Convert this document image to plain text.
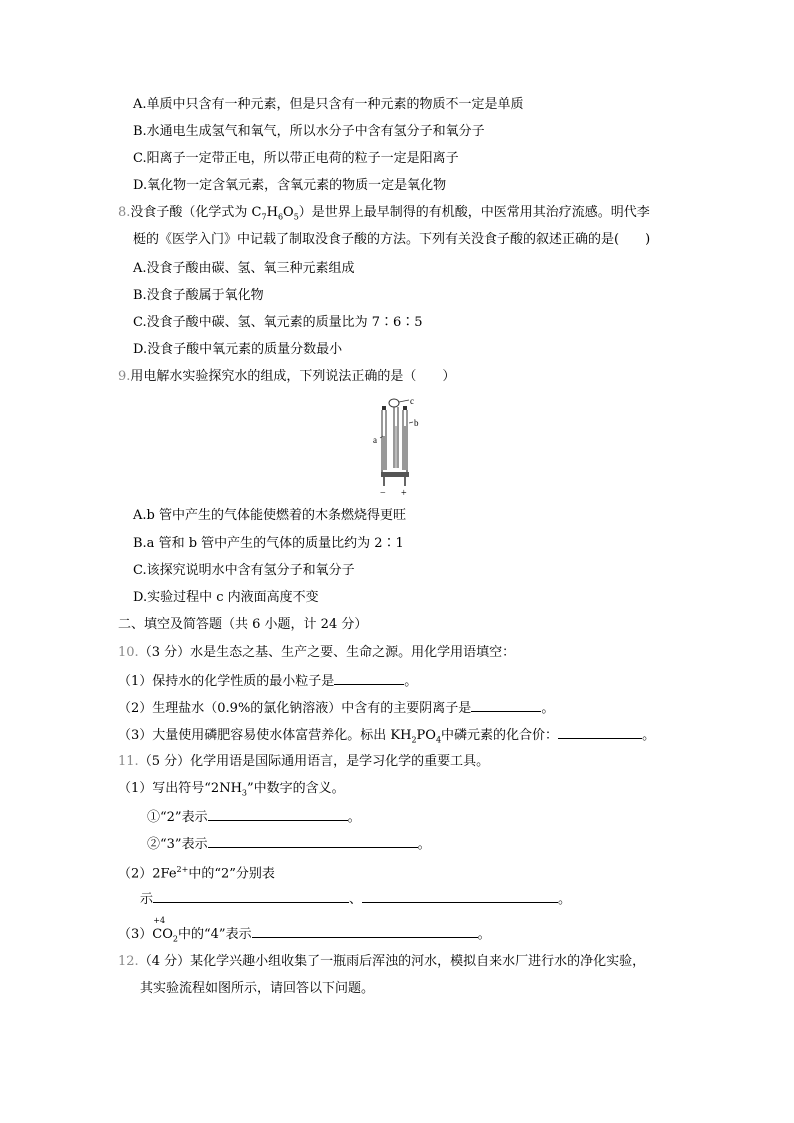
A.单质中只含有一种元素，但是只含有一种元素的物质不一定是单质
B.水通电生成氢气和氧气，所以水分子中含有氢分子和氧分子
C.阳离子一定带正电，所以带正电荷的粒子一定是阳离子
D.氧化物一定含氧元素，含氧元素的物质一定是氧化物
8.没食子酸（化学式为 $C_7H_6O_5$）是世界上最早制得的有机酸，中医常用其治疗流感。明代李
梃的《医学入门》中记载了制取没食子酸的方法。下列有关没食子酸的叙述正确的是(　　)
A.没食子酸由碳、氢、氧三种元素组成
B.没食子酸属于氧化物
C.没食子酸中碳、氢、氧元素的质量比为 7∶6∶5
D.没食子酸中氧元素的质量分数最小
9.用电解水实验探究水的组成，下列说法正确的是（　　）
c
a
b
− +
A.b 管中产生的气体能使燃着的木条燃烧得更旺
B.a 管和 b 管中产生的气体的质量比约为 2∶1
C.该探究说明水中含有氢分子和氧分子
D.实验过程中 c 内液面高度不变
二、填空及简答题（共 6 小题，计 24 分）
10.（3 分）水是生态之基、生产之要、生命之源。用化学用语填空：
（1）保持水的化学性质的最小粒子是	。
（2）生理盐水（0.9%的氯化钠溶液）中含有的主要阴离子是	。
（3）大量使用磷肥容易使水体富营养化。标出 $KH_2PO_4$中磷元素的化合价：	。
11.（5 分）化学用语是国际通用语言，是学习化学的重要工具。
（1）写出符号“$2NH_3$”中数字的含义。
①“2”表示	。
②“3”表示	。
$(2)2Fe^{2+}$中的“2”分别表
示	、	。
（3）
+4
$CO_2$中的“4”表示	。
12.（4 分）某化学兴趣小组收集了一瓶雨后浑浊的河水，模拟自来水厂进行水的净化实验，
其实验流程如图所示，请回答以下问题。
